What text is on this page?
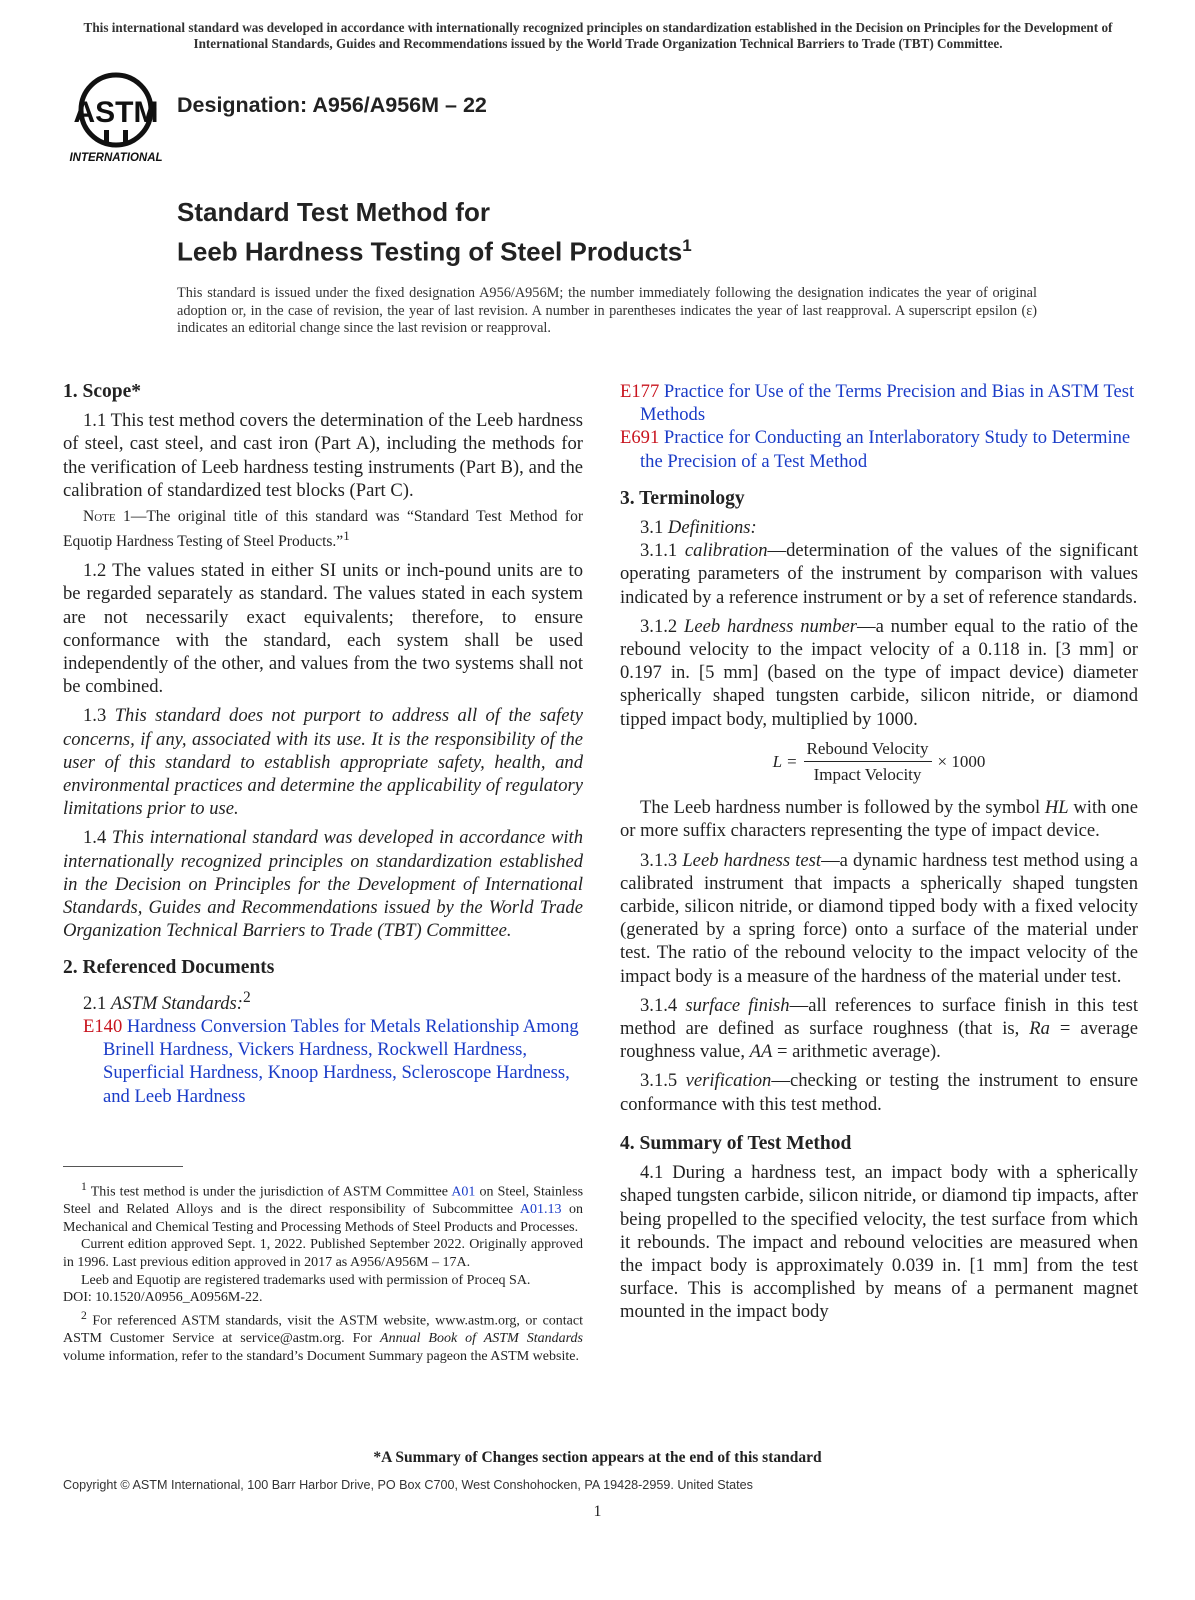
This international standard was developed in accordance with internationally recognized principles on standardization established in the Decision on Principles for the Development of International Standards, Guides and Recommendations issued by the World Trade Organization Technical Barriers to Trade (TBT) Committee.
ASTM
INTERNATIONAL
Designation: A956/A956M – 22
Standard Test Method for
Leeb Hardness Testing of Steel Products$^1$
This standard is issued under the fixed designation A956/A956M; the number immediately following the designation indicates the year of original adoption or, in the case of revision, the year of last revision. A number in parentheses indicates the year of last reapproval. A superscript epsilon (ε) indicates an editorial change since the last revision or reapproval.
1. Scope*

1.1 This test method covers the determination of the Leeb hardness of steel, cast steel, and cast iron (Part A), including the methods for the verification of Leeb hardness testing instruments (Part B), and the calibration of standardized test blocks (Part C).

Note 1—The original title of this standard was “Standard Test Method for Equotip Hardness Testing of Steel Products.”$^1$

1.2 The values stated in either SI units or inch-pound units are to be regarded separately as standard. The values stated in each system are not necessarily exact equivalents; therefore, to ensure conformance with the standard, each system shall be used independently of the other, and values from the two systems shall not be combined.

1.3 This standard does not purport to address all of the safety concerns, if any, associated with its use. It is the responsibility of the user of this standard to establish appropriate safety, health, and environmental practices and determine the applicability of regulatory limitations prior to use.

1.4 This international standard was developed in accordance with internationally recognized principles on standardization established in the Decision on Principles for the Development of International Standards, Guides and Recommendations issued by the World Trade Organization Technical Barriers to Trade (TBT) Committee.

2. Referenced Documents

2.1 ASTM Standards:$^2$

E140 Hardness Conversion Tables for Metals Relationship Among Brinell Hardness, Vickers Hardness, Rockwell Hardness, Superficial Hardness, Knoop Hardness, Scleroscope Hardness, and Leeb Hardness

$^1$ This test method is under the jurisdiction of ASTM Committee A01 on Steel, Stainless Steel and Related Alloys and is the direct responsibility of Subcommittee A01.13 on Mechanical and Chemical Testing and Processing Methods of Steel Products and Processes.

Current edition approved Sept. 1, 2022. Published September 2022. Originally approved in 1996. Last previous edition approved in 2017 as A956/A956M – 17A.

Leeb and Equotip are registered trademarks used with permission of Proceq SA.

DOI: 10.1520/A0956_A0956M-22.

$^2$ For referenced ASTM standards, visit the ASTM website, www.astm.org, or contact ASTM Customer Service at service@astm.org. For Annual Book of ASTM Standards volume information, refer to the standard’s Document Summary pageon the ASTM website.

E177 Practice for Use of the Terms Precision and Bias in ASTM Test Methods

E691 Practice for Conducting an Interlaboratory Study to Determine the Precision of a Test Method

3. Terminology

3.1 Definitions:

3.1.1 calibration—determination of the values of the significant operating parameters of the instrument by comparison with values indicated by a reference instrument or by a set of reference standards.

3.1.2 Leeb hardness number—a number equal to the ratio of the rebound velocity to the impact velocity of a 0.118 in. [3 mm] or 0.197 in. [5 mm] (based on the type of impact device) diameter spherically shaped tungsten carbide, silicon nitride, or diamond tipped impact body, multiplied by 1000.

$L = \frac{\text{Rebound Velocity}}{\text{Impact Velocity}} \times 1000$

The Leeb hardness number is followed by the symbol HL with one or more suffix characters representing the type of impact device.

3.1.3 Leeb hardness test—a dynamic hardness test method using a calibrated instrument that impacts a spherically shaped tungsten carbide, silicon nitride, or diamond tipped body with a fixed velocity (generated by a spring force) onto a surface of the material under test. The ratio of the rebound velocity to the impact velocity of the impact body is a measure of the hardness of the material under test.

3.1.4 surface finish—all references to surface finish in this test method are defined as surface roughness (that is, Ra = average roughness value, AA = arithmetic average).

3.1.5 verification—checking or testing the instrument to ensure conformance with this test method.

4. Summary of Test Method

4.1 During a hardness test, an impact body with a spherically shaped tungsten carbide, silicon nitride, or diamond tip impacts, after being propelled to the specified velocity, the test surface from which it rebounds. The impact and rebound velocities are measured when the impact body is approximately 0.039 in. [1 mm] from the test surface. This is accomplished by means of a permanent magnet mounted in the impact body

*A Summary of Changes section appears at the end of this standard
Copyright © ASTM International, 100 Barr Harbor Drive, PO Box C700, West Conshohocken, PA 19428-2959. United States
1
